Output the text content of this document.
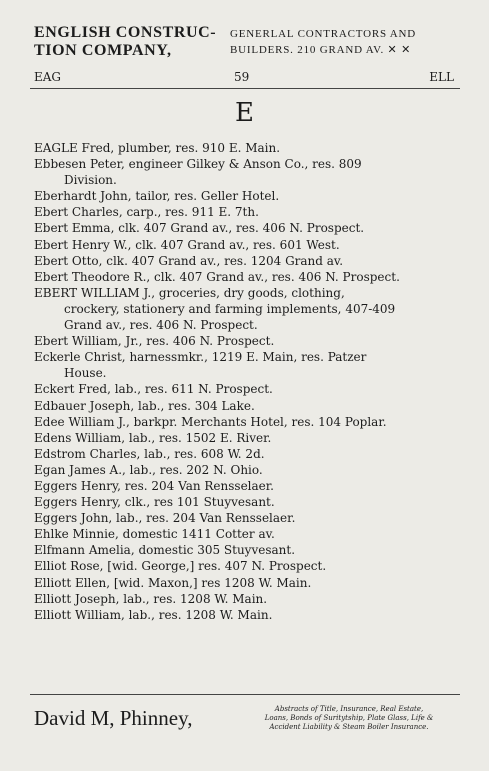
ENGLISH CONSTRUC-
TION COMPANY,
GENERLAL CONTRACTORS AND
BUILDERS. 210 GRAND AV. ✕ ✕
EAG	59	ELL
E
EAGLE Fred, plumber, res. 910 E. Main.
Ebbesen Peter, engineer Gilkey & Anson Co., res. 809
Division.
Eberhardt John, tailor, res. Geller Hotel.
Ebert Charles, carp., res. 911 E. 7th.
Ebert Emma, clk. 407 Grand av., res. 406 N. Prospect.
Ebert Henry W., clk. 407 Grand av., res. 601 West.
Ebert Otto, clk. 407 Grand av., res. 1204 Grand av.
Ebert Theodore R., clk. 407 Grand av., res. 406 N. Prospect.
EBERT WILLIAM J., groceries, dry goods, clothing,
crockery, stationery and farming implements, 407-409
Grand av., res. 406 N. Prospect.
Ebert William, Jr., res. 406 N. Prospect.
Eckerle Christ, harnessmkr., 1219 E. Main, res. Patzer
House.
Eckert Fred, lab., res. 611 N. Prospect.
Edbauer Joseph, lab., res. 304 Lake.
Edee William J., barkpr. Merchants Hotel, res. 104 Poplar.
Edens William, lab., res. 1502 E. River.
Edstrom Charles, lab., res. 608 W. 2d.
Egan James A., lab., res. 202 N. Ohio.
Eggers Henry, res. 204 Van Rensselaer.
Eggers Henry, clk., res 101 Stuyvesant.
Eggers John, lab., res. 204 Van Rensselaer.
Ehlke Minnie, domestic 1411 Cotter av.
Elfmann Amelia, domestic 305 Stuyvesant.
Elliot Rose, [wid. George,] res. 407 N. Prospect.
Elliott Ellen, [wid. Maxon,] res 1208 W. Main.
Elliott Joseph, lab., res. 1208 W. Main.
Elliott William, lab., res. 1208 W. Main.
David M, Phinney,	Abstracts of Title, Insurance, Real Estate,
Loans, Bonds of Suritytship, Plate Glass, Life &
Accident Liability & Steam Boiler Insurance.
